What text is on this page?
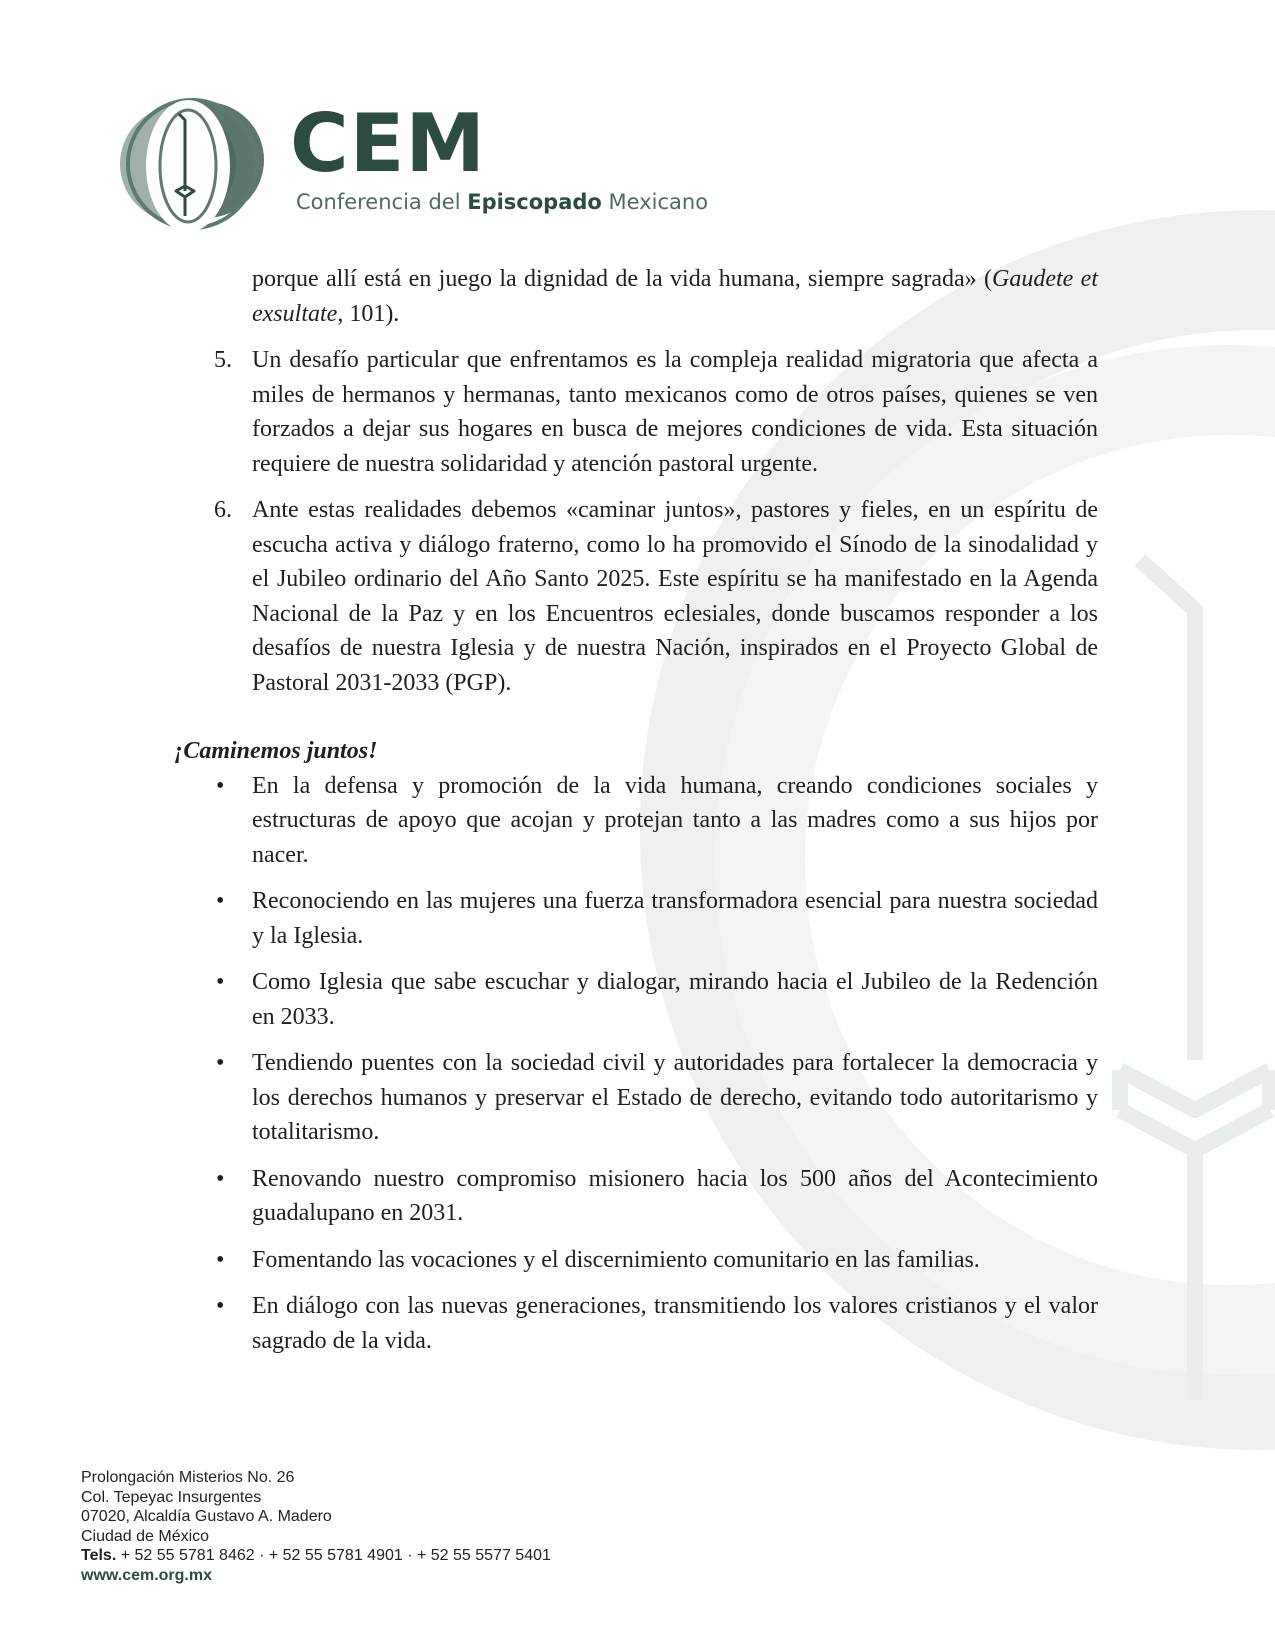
CEM
Conferencia del Episcopado Mexicano
porque allí está en juego la dignidad de la vida humana, siempre sagrada» (Gaudete et exsultate, 101).
5. Un desafío particular que enfrentamos es la compleja realidad migratoria que afecta a miles de hermanos y hermanas, tanto mexicanos como de otros países, quienes se ven forzados a dejar sus hogares en busca de mejores condiciones de vida. Esta situación requiere de nuestra solidaridad y atención pastoral urgente.
6. Ante estas realidades debemos «caminar juntos», pastores y fieles, en un espíritu de escucha activa y diálogo fraterno, como lo ha promovido el Sínodo de la sinodalidad y el Jubileo ordinario del Año Santo 2025. Este espíritu se ha manifestado en la Agenda Nacional de la Paz y en los Encuentros eclesiales, donde buscamos responder a los desafíos de nuestra Iglesia y de nuestra Nación, inspirados en el Proyecto Global de Pastoral 2031-2033 (PGP).
¡Caminemos juntos!
• En la defensa y promoción de la vida humana, creando condiciones sociales y estructuras de apoyo que acojan y protejan tanto a las madres como a sus hijos por nacer.
• Reconociendo en las mujeres una fuerza transformadora esencial para nuestra sociedad y la Iglesia.
• Como Iglesia que sabe escuchar y dialogar, mirando hacia el Jubileo de la Redención en 2033.
• Tendiendo puentes con la sociedad civil y autoridades para fortalecer la democracia y los derechos humanos y preservar el Estado de derecho, evitando todo autoritarismo y totalitarismo.
• Renovando nuestro compromiso misionero hacia los 500 años del Acontecimiento guadalupano en 2031.
• Fomentando las vocaciones y el discernimiento comunitario en las familias.
• En diálogo con las nuevas generaciones, transmitiendo los valores cristianos y el valor sagrado de la vida.
Prolongación Misterios No. 26
Col. Tepeyac Insurgentes
07020, Alcaldía Gustavo A. Madero
Ciudad de México
Tels. + 52 55 5781 8462 · + 52 55 5781 4901 · + 52 55 5577 5401
www.cem.org.mx
